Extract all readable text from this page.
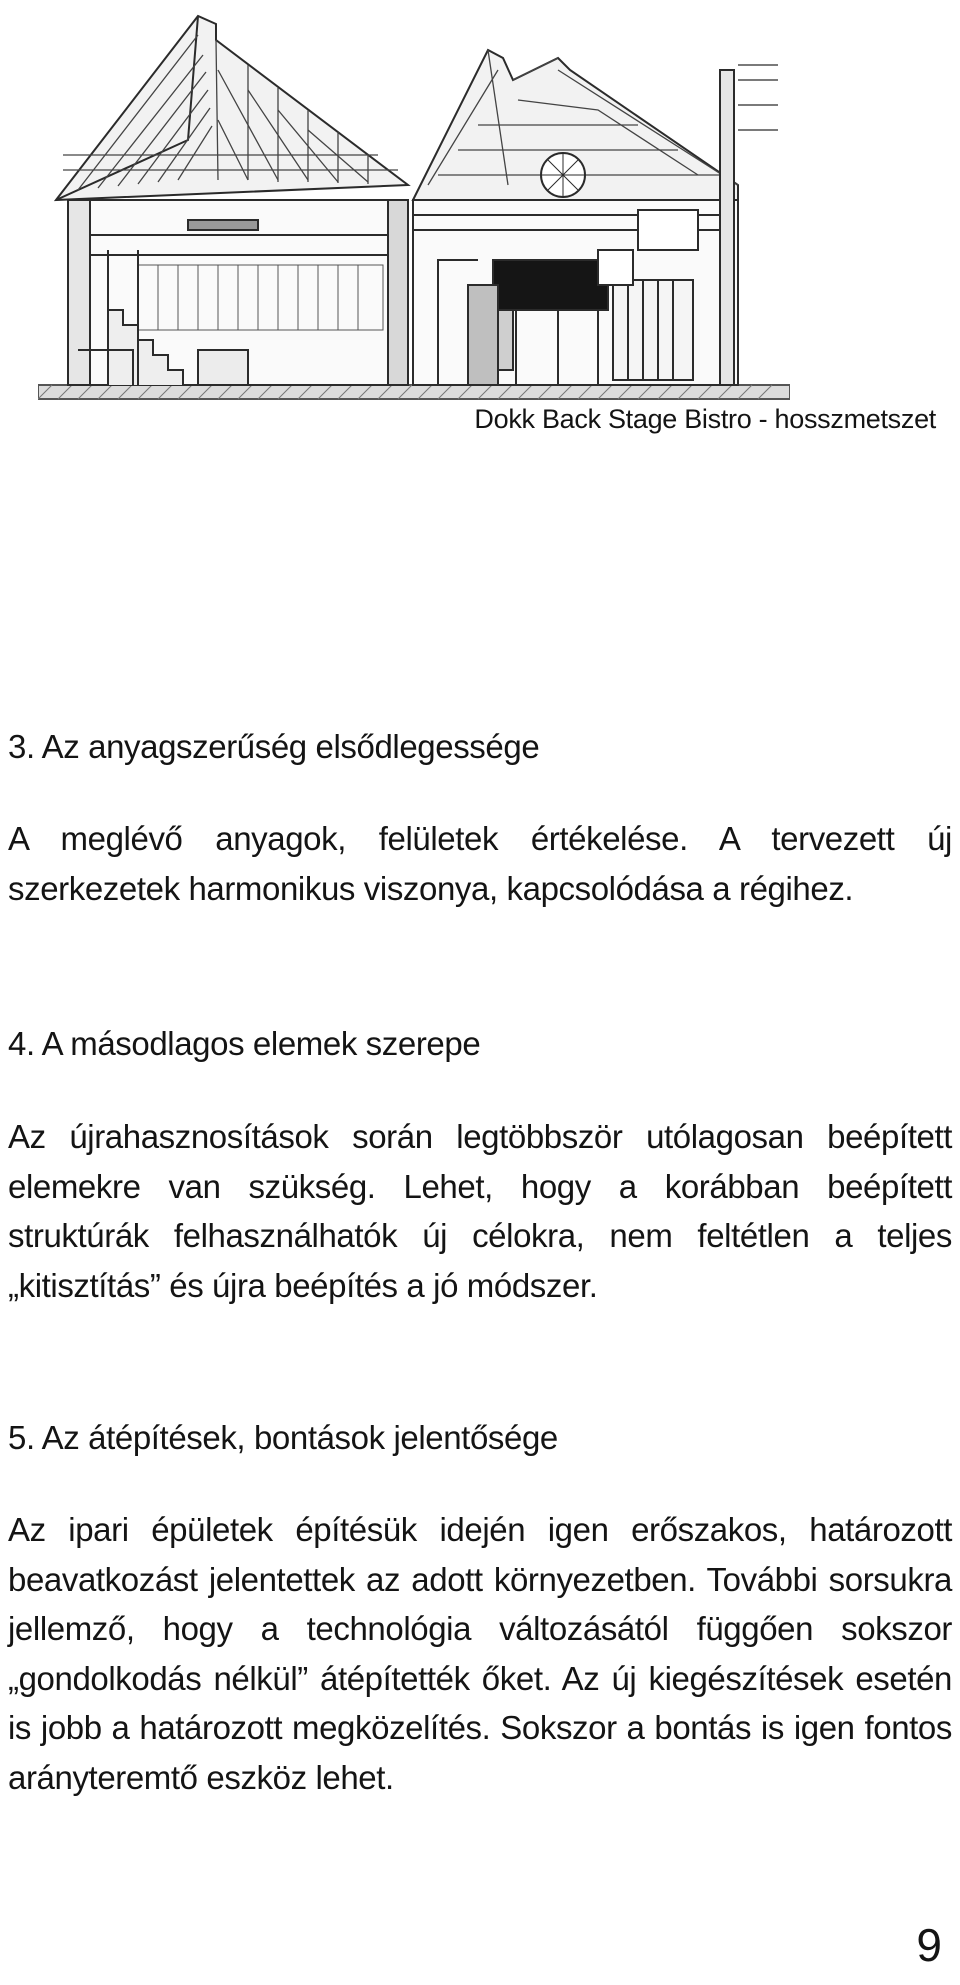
Dokk Back Stage Bistro - hosszmetszet
3. Az anyagszerűség elsődlegessége

A meglévő anyagok, felületek értékelése. A tervezett új szerkezetek harmonikus viszonya, kapcsolódása a régihez.

4. A másodlagos elemek szerepe

Az újrahasznosítások során legtöbbször utólagosan beépített elemekre van szükség. Lehet, hogy a korábban beépített struktúrák felhasználhatók új célokra, nem feltétlen a teljes „kitisztítás” és újra beépítés a jó módszer.

5. Az átépítések, bontások jelentősége

Az ipari épületek építésük idején igen erőszakos, határozott beavatkozást jelentettek az adott környezetben. További sorsukra jellemző, hogy a technológia változásától függően sokszor „gondolkodás nélkül” átépítették őket. Az új kiegészítések esetén is jobb a határozott megközelítés. Sokszor a bontás is igen fontos arányteremtő eszköz lehet.

9
